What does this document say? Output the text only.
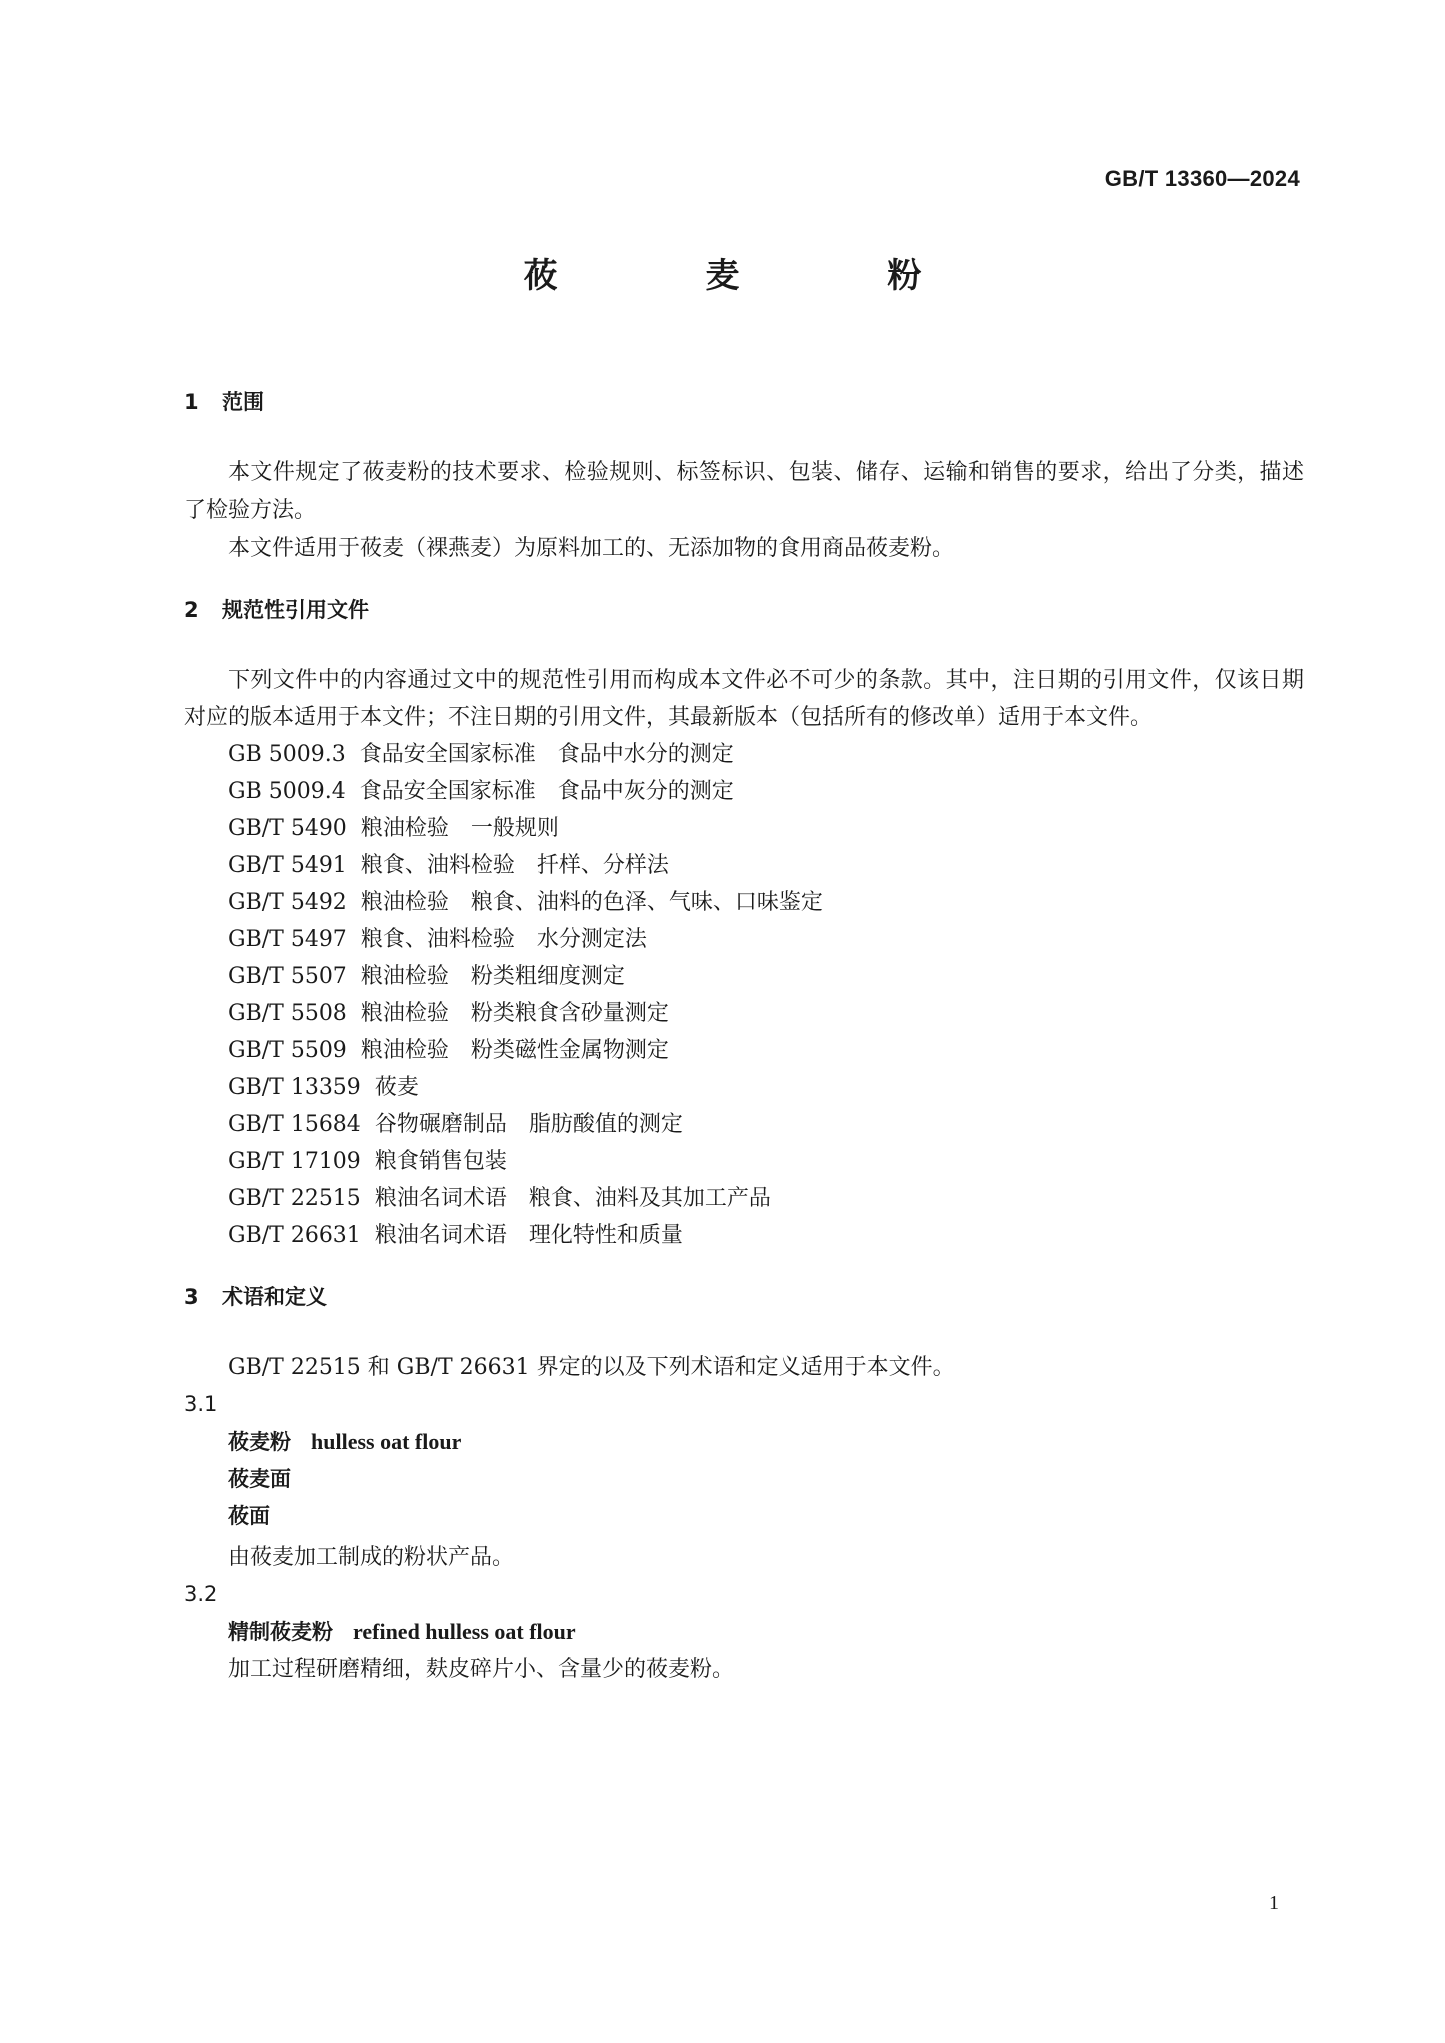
GB/T 13360—2024
莜 麦 粉

1 范围

本文件规定了莜麦粉的技术要求、检验规则、标签标识、包装、储存、运输和销售的要求，给出了分类，描述了检验方法。

本文件适用于莜麦（裸燕麦）为原料加工的、无添加物的食用商品莜麦粉。

2 规范性引用文件

下列文件中的内容通过文中的规范性引用而构成本文件必不可少的条款。其中，注日期的引用文件，仅该日期对应的版本适用于本文件；不注日期的引用文件，其最新版本（包括所有的修改单）适用于本文件。

GB 5009.3 食品安全国家标准 食品中水分的测定

GB 5009.4 食品安全国家标准 食品中灰分的测定

GB/T 5490 粮油检验 一般规则

GB/T 5491 粮食、油料检验 扦样、分样法

GB/T 5492 粮油检验 粮食、油料的色泽、气味、口味鉴定

GB/T 5497 粮食、油料检验 水分测定法

GB/T 5507 粮油检验 粉类粗细度测定

GB/T 5508 粮油检验 粉类粮食含砂量测定

GB/T 5509 粮油检验 粉类磁性金属物测定

GB/T 13359 莜麦

GB/T 15684 谷物碾磨制品 脂肪酸值的测定

GB/T 17109 粮食销售包装

GB/T 22515 粮油名词术语 粮食、油料及其加工产品

GB/T 26631 粮油名词术语 理化特性和质量

3 术语和定义

GB/T 22515 和 GB/T 26631 界定的以及下列术语和定义适用于本文件。

3.1

莜麦粉 hulless oat flour

莜麦面

莜面

由莜麦加工制成的粉状产品。

3.2

精制莜麦粉 refined hulless oat flour

加工过程研磨精细，麸皮碎片小、含量少的莜麦粉。

1
